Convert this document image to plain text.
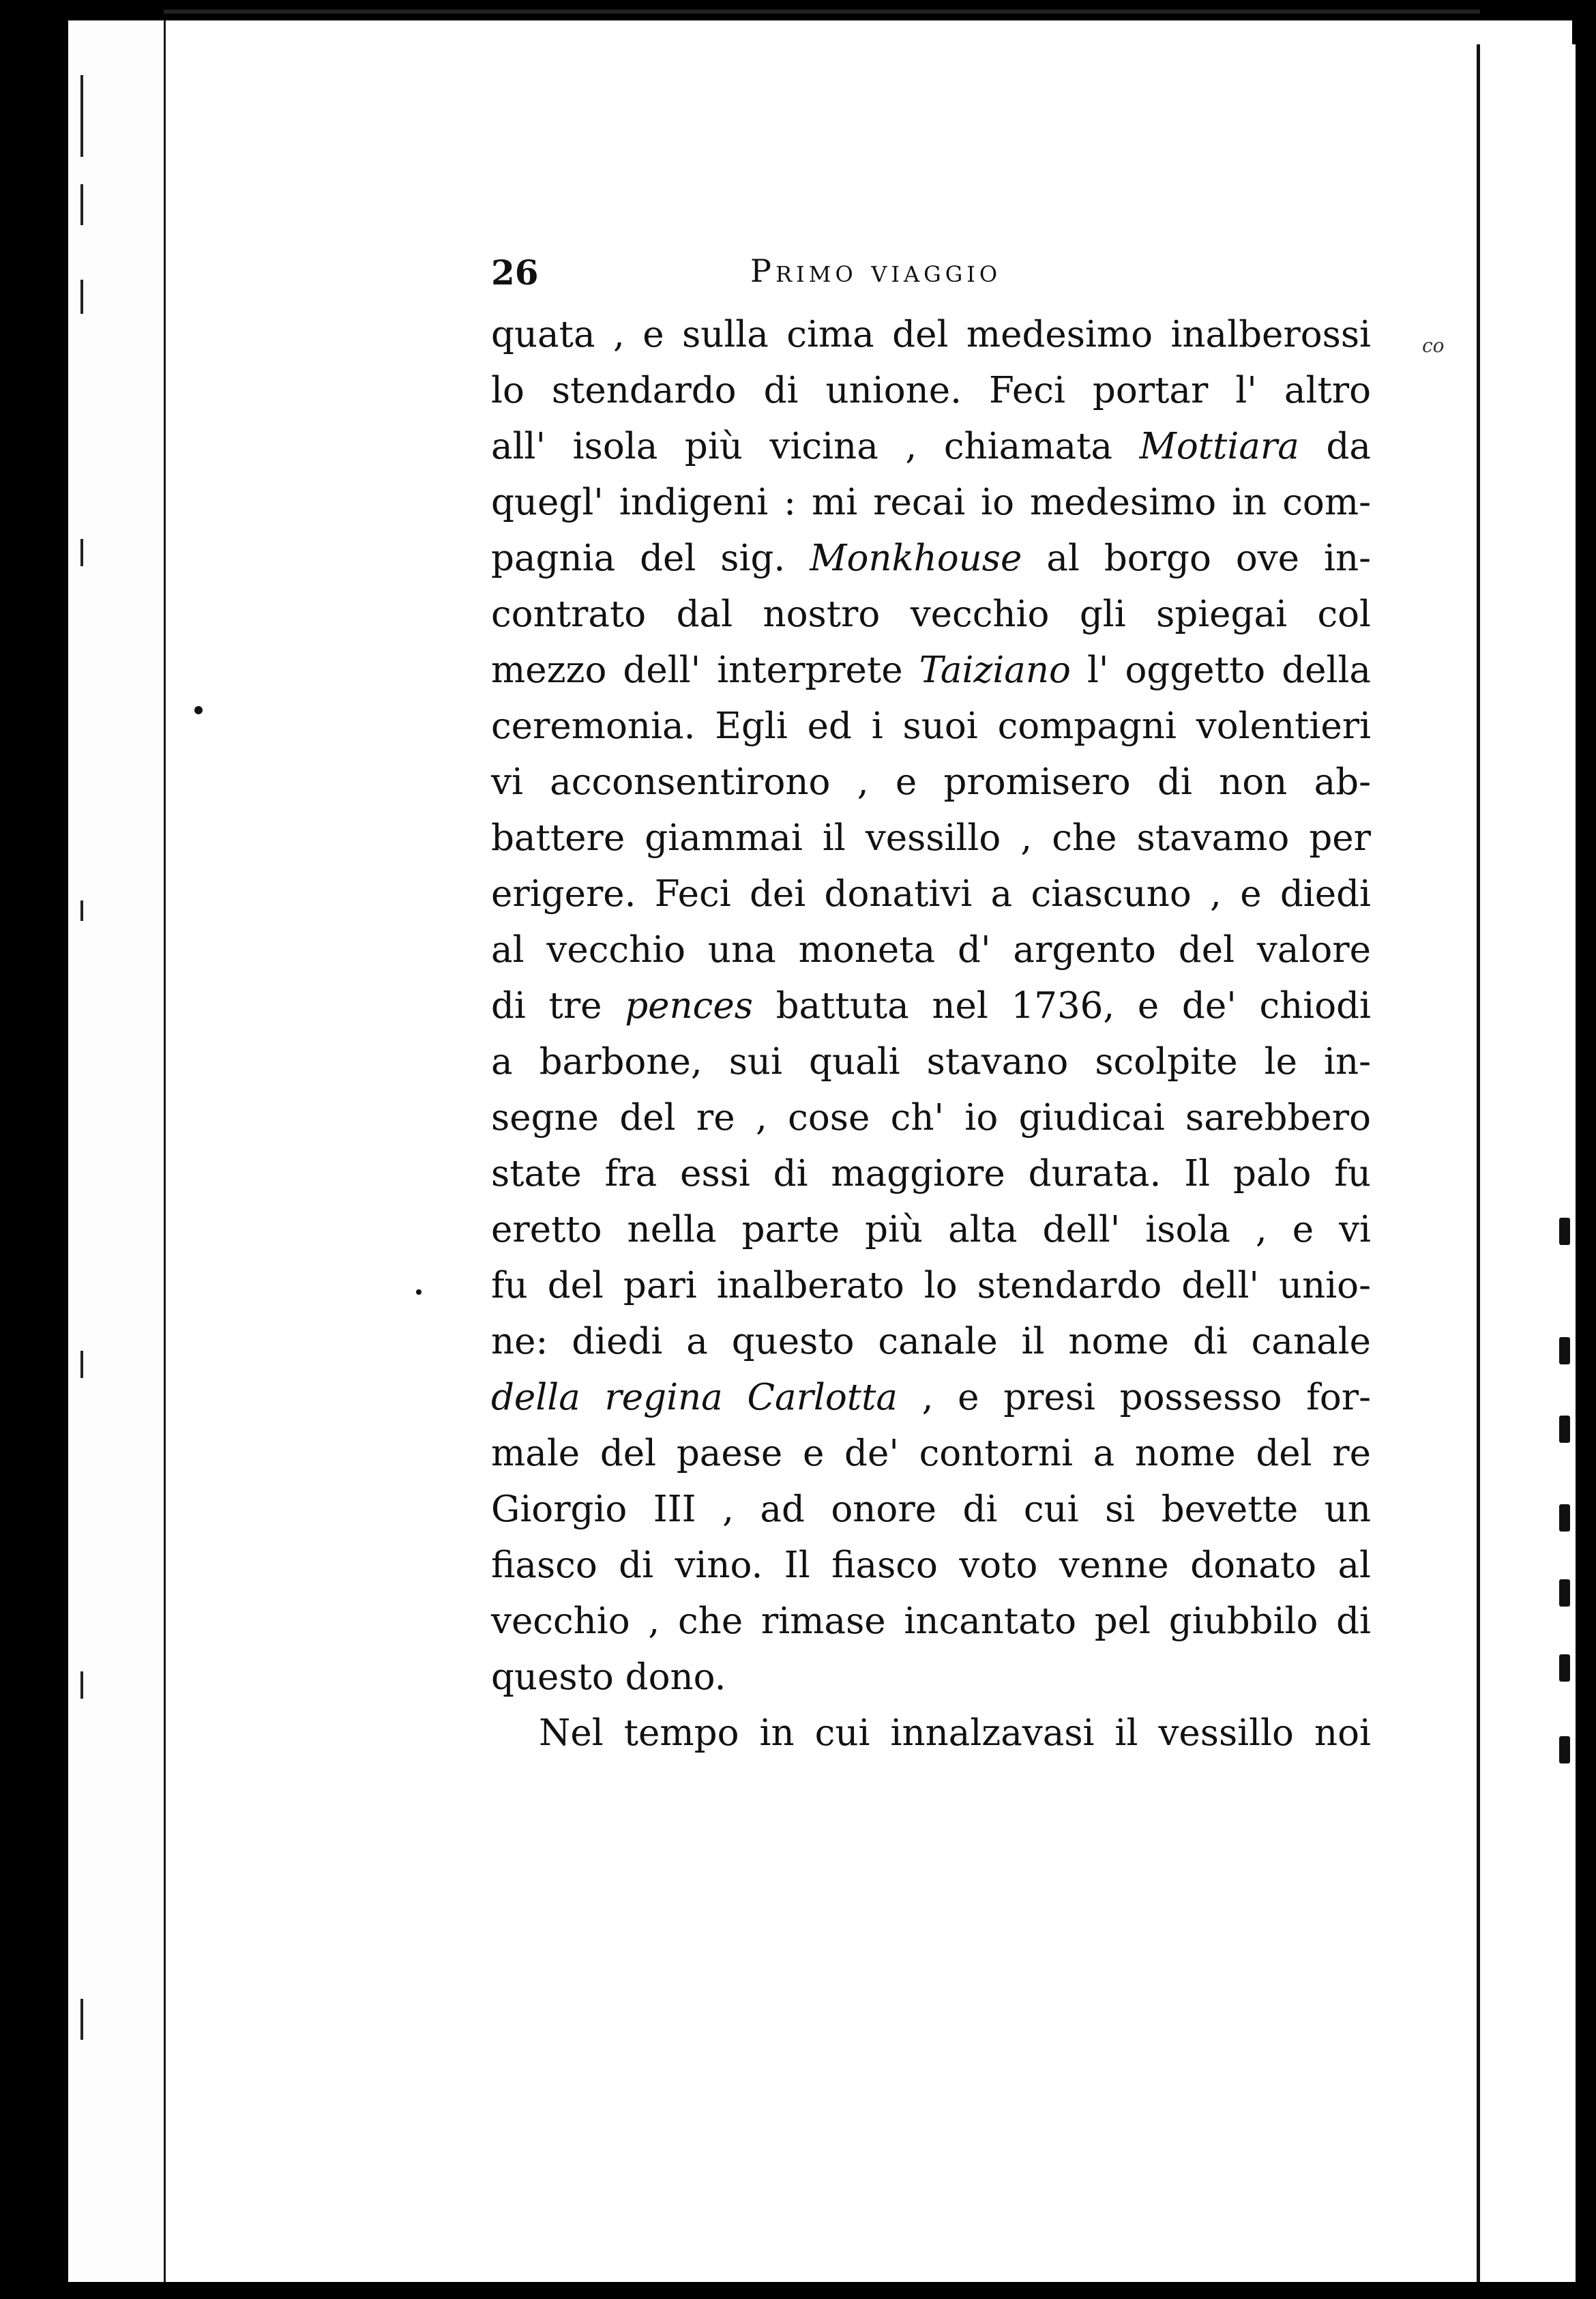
co
26	Primo viaggio
quata , e sulla cima del medesimo inalberossi
lo stendardo di unione. Feci portar l' altro
all' isola più vicina , chiamata Mottiara da
quegl' indigeni : mi recai io medesimo in com-
pagnia del sig. Monkhouse al borgo ove in-
contrato dal nostro vecchio gli spiegai col
mezzo dell' interprete Taiziano l' oggetto della
ceremonia. Egli ed i suoi compagni volentieri
vi acconsentirono , e promisero di non ab-
battere giammai il vessillo , che stavamo per
erigere. Feci dei donativi a ciascuno , e diedi
al vecchio una moneta d' argento del valore
di tre pences battuta nel 1736, e de' chiodi
a barbone, sui quali stavano scolpite le in-
segne del re , cose ch' io giudicai sarebbero
state fra essi di maggiore durata. Il palo fu
eretto nella parte più alta dell' isola , e vi
fu del pari inalberato lo stendardo dell' unio-
ne: diedi a questo canale il nome di canale
della regina Carlotta , e presi possesso for-
male del paese e de' contorni a nome del re
Giorgio III , ad onore di cui si bevette un
fiasco di vino. Il fiasco voto venne donato al
vecchio , che rimase incantato pel giubbilo di
questo dono.
Nel tempo in cui innalzavasi il vessillo noi
